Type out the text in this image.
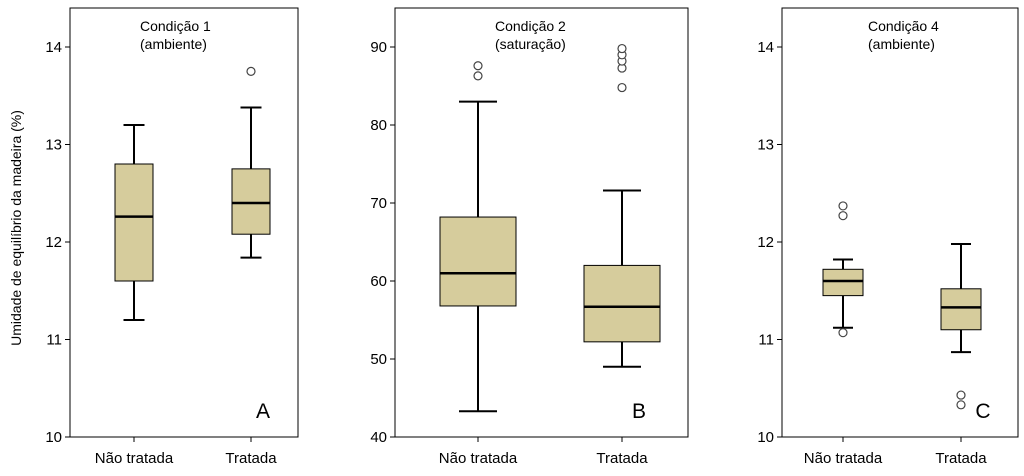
Umidade de equilíbrio da madeira (%)
10
11
12
13
14
Não tratada	Tratada
Condição 1
(ambiente)
A
40
50
60
70
80
90
Não tratada	Tratada
Condição 2
(saturação)
B
10
11
12
13
14
Não tratada	Tratada
Condição 4
(ambiente)
C
